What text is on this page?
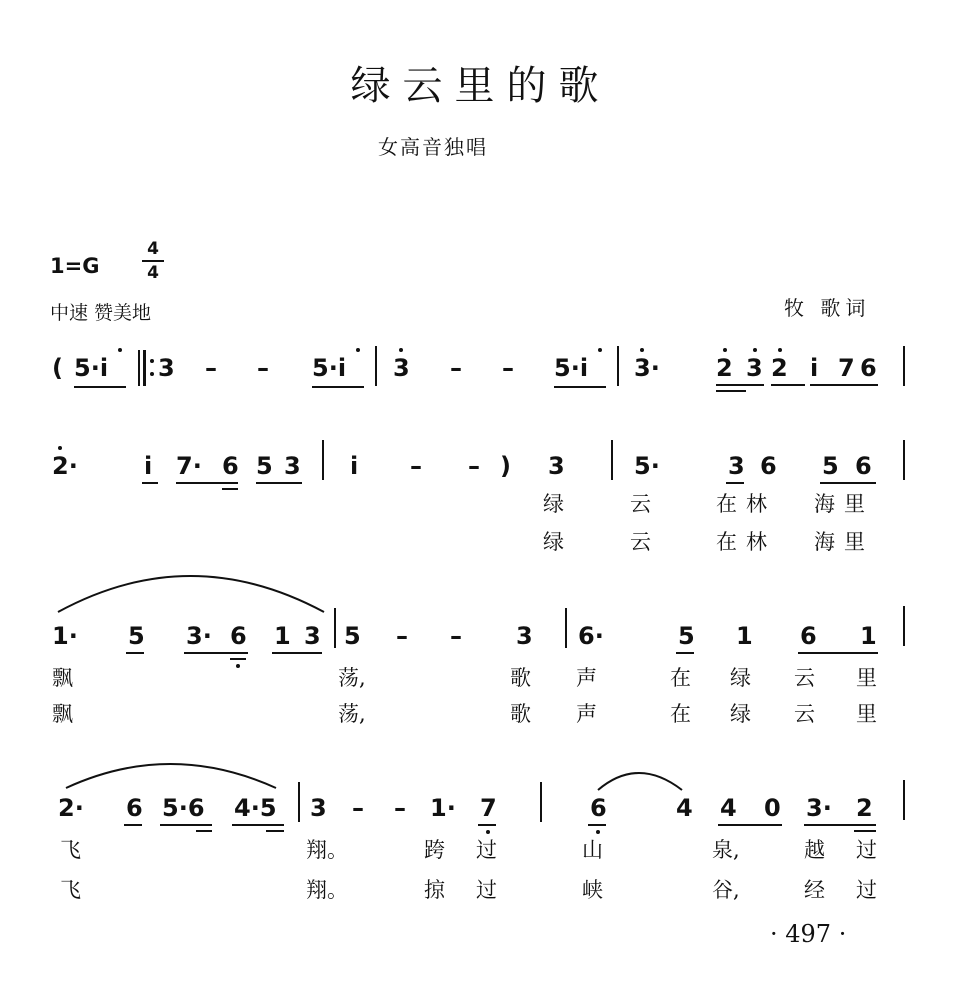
绿云里的歌
女高音独唱
1=G	$\frac{4}{4}$
中速 赞美地	牧 歌词
( 5·i 3 – – 5·i 3 – – 5·i 3· 2 3 2 i 7 6
2·	i 7· 6 5 3 i – – ) 3	5·	3 6 5 6
绿	云	在林 海里
绿	云	在林 海里
1· 5 3· 6 1 3 5 – – 3 6·	5 1 6 1
飘	荡,	歌 声	在 绿 云 里
飘	荡,	歌 声	在 绿 云 里
2· 6 5·6 4·5 3 – – 1· 7	6	4 4 0 3· 2
飞	翔。	跨 过	山	泉,	越 过
飞	翔。	掠 过	峡	谷,	经 过
· 497 ·
